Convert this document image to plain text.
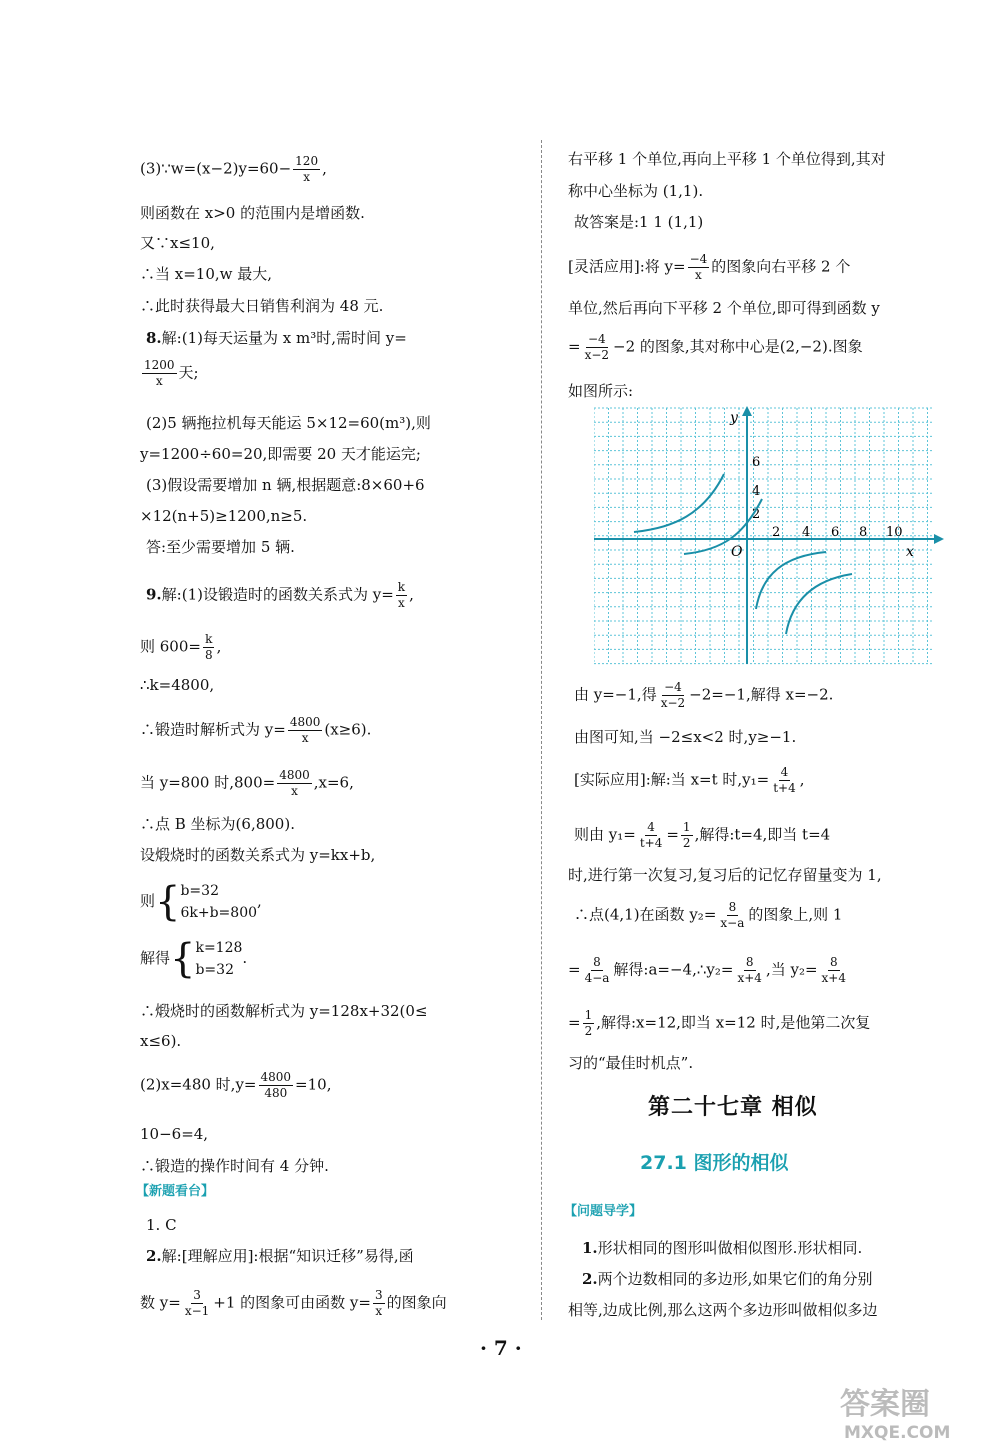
(3)∵w=(x−2)y=60− $\frac{120}{x}$ ,
则函数在 x>0 的范围内是增函数.
又∵x≤10,
∴当 x=10,w 最大,
∴此时获得最大日销售利润为 48 元.
8.解:(1)每天运量为 x m³时,需时间 y=
$\frac{1200}{x}$ 天;
(2)5 辆拖拉机每天能运 5×12=60(m³),则
y=1200÷60=20,即需要 20 天才能运完;
(3)假设需要增加 n 辆,根据题意:8×60+6
×12(n+5)≥1200,n≥5.
答:至少需要增加 5 辆.
9.解:(1)设锻造时的函数关系式为 $y= \frac{k}{x}$ ,
则 $600= \frac{k}{8}$ ,
∴k=4800,
∴锻造时解析式为 $y= \frac{4800}{x} (x\ge 6)$.
当 y=800 时$,800= \frac{4800}{x} ,x=6$,
∴点 B 坐标为(6,800).
设煅烧时的函数关系式为 y=kx+b,
则{ b=32
6k+b=800
,
解得{ k=128
b=32
.
∴煅烧时的函数解析式为 y=128x+32(0≤
x≤6).
(2)x=480 时$,y= \frac{4800}{480} =10$,
10−6=4,
∴锻造的操作时间有 4 分钟.
【新题看台】
1. C
2.解:[理解应用]:根据“知识迁移”易得,函
数 $y= \frac{3}{x-1} +1$ 的图象可由函数 $y= \frac{3}{x}$ 的图象向
右平移 1 个单位,再向上平移 1 个单位得到,其对
称中心坐标为 (1,1).
故答案是:1 1 (1,1)
[灵活应用]:将 $y= \frac{-4}{x}$ 的图象向右平移 2 个
单位,然后再向下平移 2 个单位,即可得到函数 y
= $\frac{-4}{x-2} -2$ 的图象,其对称中心是(2,−2).图象
如图所示:
y
x
O
6
4
2
2 4 6 8 10
由 y=−1,得 $\frac{-4}{x-2} -2=-1$,解得 x=−2.
由图可知,当 −2≤x<2 时,y≥−1.
[实际应用]:解:当 x=t 时$,y_1= \frac{4}{t+4}$ ,
则由 $y_1= \frac{4}{t+4} = \frac{1}{2}$ ,解得:t=4,即当 t=4
时,进行第一次复习,复习后的记忆存留量变为 1,
∴点(4,1)在函数 $y_2= \frac{8}{x-a}$ 的图象上,则 1
= $\frac{8}{4-a}$ 解得:a=−4,∴y₂= $\frac{8}{x+4}$ ,当 $y_2= \frac{8}{x+4}$
= $\frac{1}{2}$ ,解得:x=12,即当 x=12 时,是他第二次复
习的“最佳时机点”.
第二十七章 相似
27.1 图形的相似
【问题导学】
1.形状相同的图形叫做相似图形.形状相同.
2.两个边数相同的多边形,如果它们的角分别
相等,边成比例,那么这两个多边形叫做相似多边
· 7 ·
答案圈
MXQE.COM
